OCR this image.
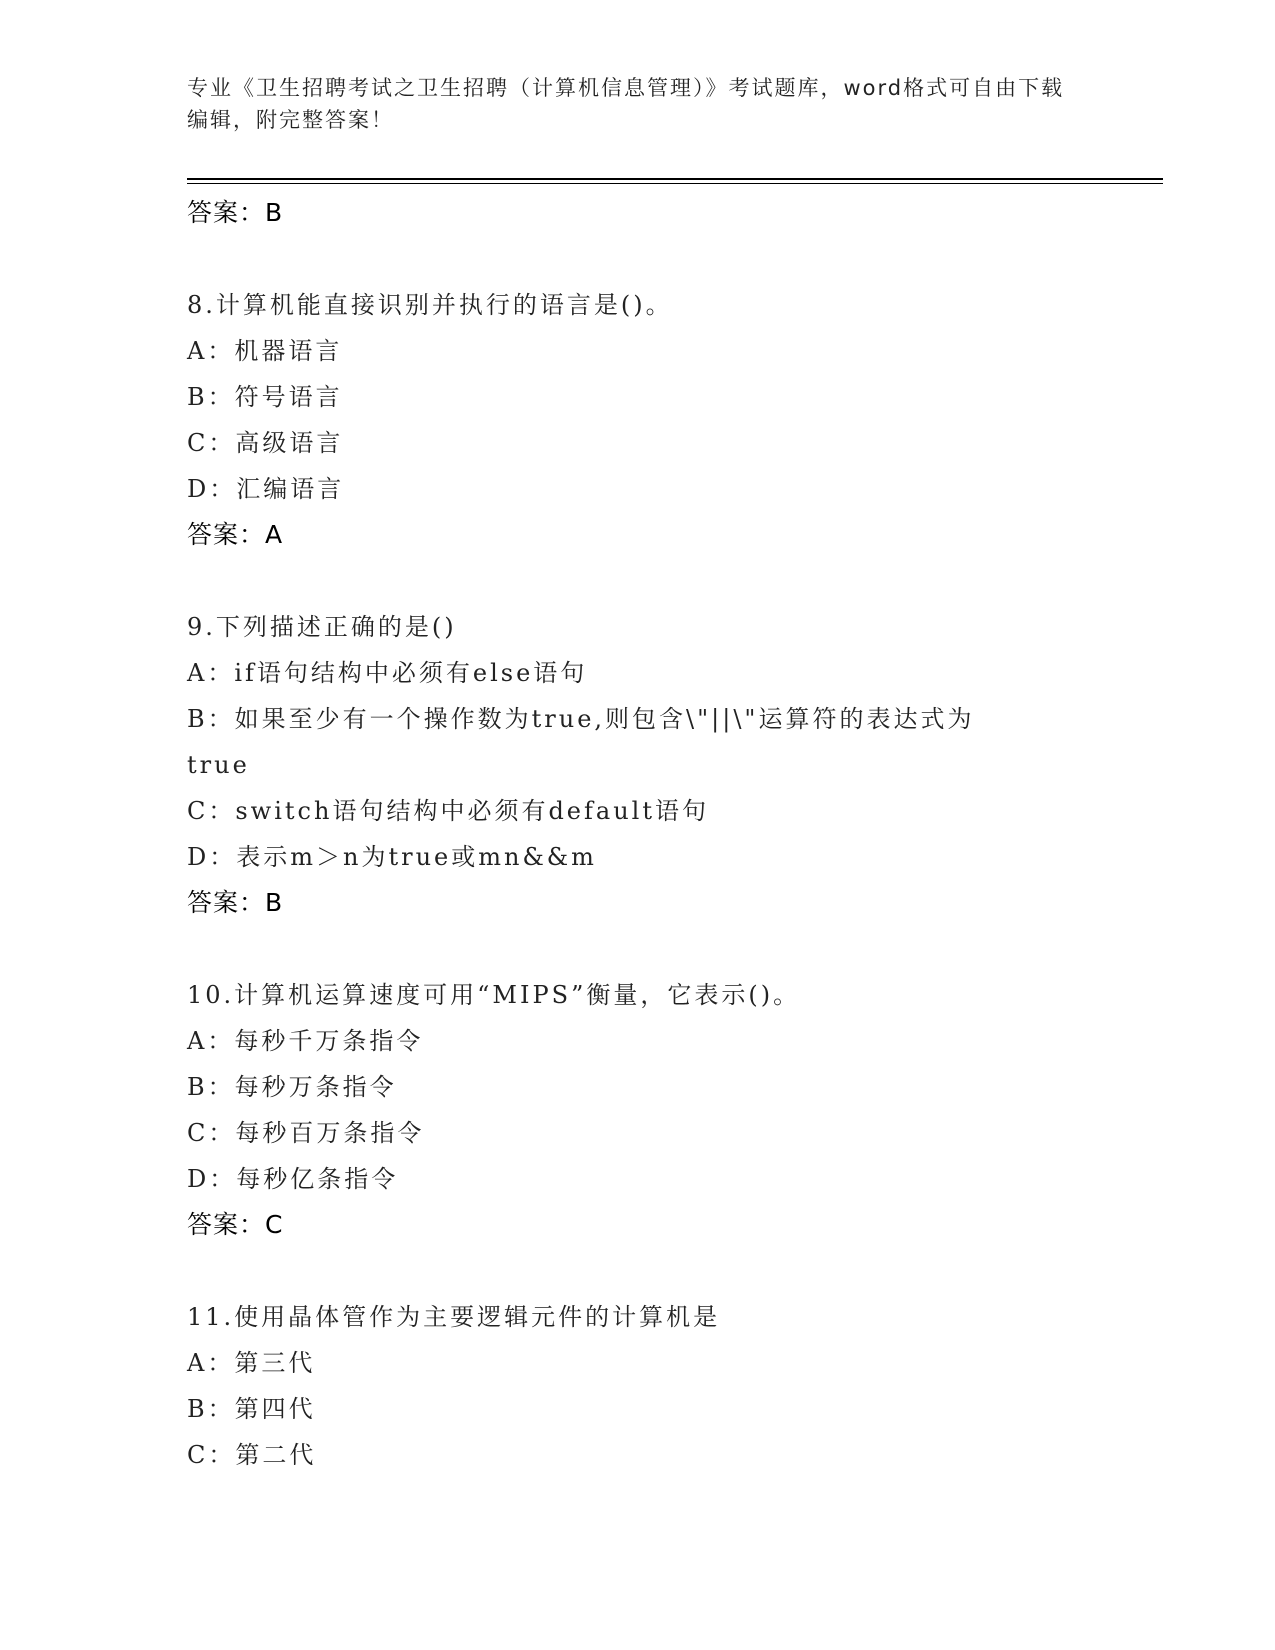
专业《卫生招聘考试之卫生招聘（计算机信息管理）》考试题库，word格式可自由下载编辑，附完整答案！
答案：B
8.计算机能直接识别并执行的语言是()。
A：机器语言
B：符号语言
C：高级语言
D：汇编语言
答案：A
9.下列描述正确的是()
A：if语句结构中必须有else语句
B：如果至少有一个操作数为true,则包含\"||\"运算符的表达式为
true
C：switch语句结构中必须有default语句
D：表示m＞n为true或mn&&m
答案：B
10.计算机运算速度可用“MIPS”衡量，它表示()。
A：每秒千万条指令
B：每秒万条指令
C：每秒百万条指令
D：每秒亿条指令
答案：C
11.使用晶体管作为主要逻辑元件的计算机是
A：第三代
B：第四代
C：第二代
